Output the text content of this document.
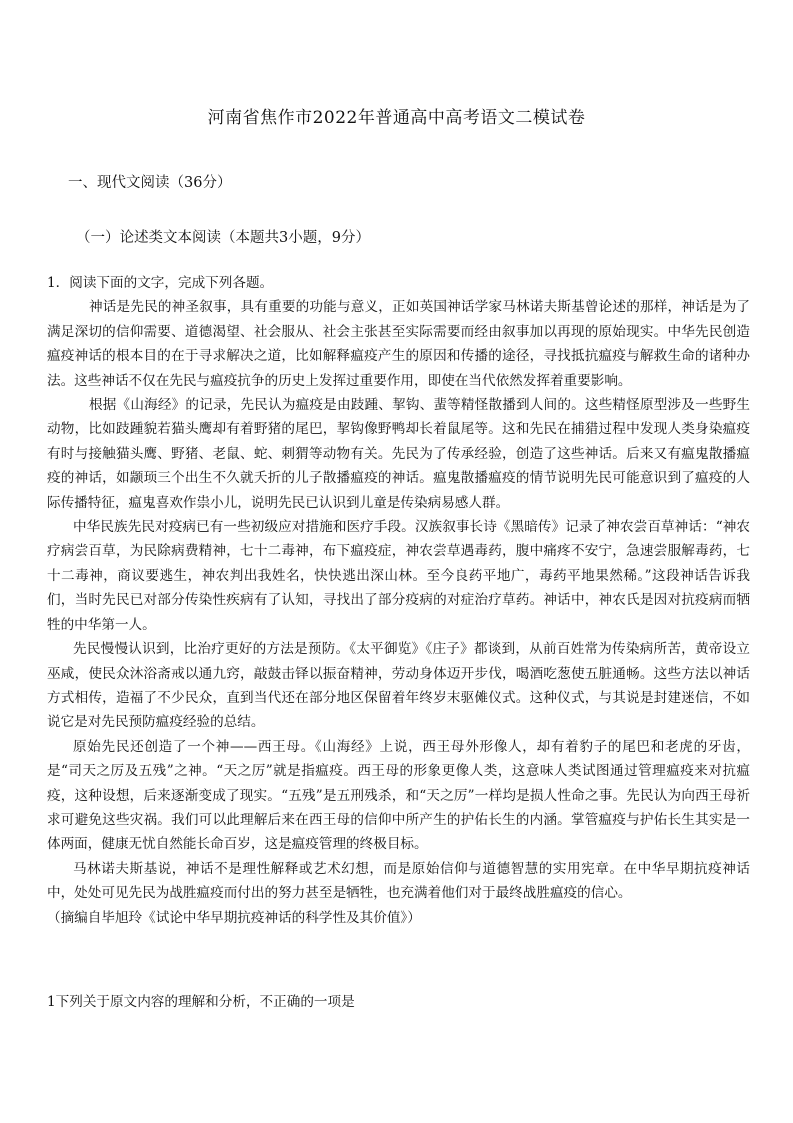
河南省焦作市2022年普通高中高考语文二模试卷
一、现代文阅读（36分）
（一）论述类文本阅读（本题共3小题，9分）

1．阅读下面的文字，完成下列各题。

神话是先民的神圣叙事，具有重要的功能与意义，正如英国神话学家马林诺夫斯基曾论述的那样，神话是为了满足深切的信仰需要、道德渴望、社会服从、社会主张甚至实际需要而经由叙事加以再现的原始现实。中华先民创造瘟疫神话的根本目的在于寻求解决之道，比如解释瘟疫产生的原因和传播的途径，寻找抵抗瘟疫与解救生命的诸种办法。这些神话不仅在先民与瘟疫抗争的历史上发挥过重要作用，即使在当代依然发挥着重要影响。

根据《山海经》的记录，先民认为瘟疫是由跂踵、挈钩、蜚等精怪散播到人间的。这些精怪原型涉及一些野生动物，比如跂踵貌若猫头鹰却有着野猪的尾巴，挈钩像野鸭却长着鼠尾等。这和先民在捕猎过程中发现人类身染瘟疫有时与接触猫头鹰、野猪、老鼠、蛇、刺猬等动物有关。先民为了传承经验，创造了这些神话。后来又有瘟鬼散播瘟疫的神话，如颛顼三个出生不久就夭折的儿子散播瘟疫的神话。瘟鬼散播瘟疫的情节说明先民可能意识到了瘟疫的人际传播特征，瘟鬼喜欢作祟小儿，说明先民已认识到儿童是传染病易感人群。

中华民族先民对疫病已有一些初级应对措施和医疗手段。汉族叙事长诗《黑暗传》记录了神农尝百草神话：“神农疗病尝百草，为民除病费精神，七十二毒神，布下瘟疫症，神农尝草遇毒药，腹中痛疼不安宁，急速尝服解毒药，七十二毒神，商议要逃生，神农判出我姓名，快快逃出深山林。至今良药平地广，毒药平地果然稀。”这段神话告诉我们，当时先民已对部分传染性疾病有了认知，寻找出了部分疫病的对症治疗草药。神话中，神农氏是因对抗疫病而牺牲的中华第一人。

先民慢慢认识到，比治疗更好的方法是预防。《太平御览》《庄子》都谈到，从前百姓常为传染病所苦，黄帝设立巫咸，使民众沐浴斋戒以通九窍，敲鼓击铎以振奋精神，劳动身体迈开步伐，喝酒吃葱使五脏通畅。这些方法以神话方式相传，造福了不少民众，直到当代还在部分地区保留着年终岁末驱傩仪式。这种仪式，与其说是封建迷信，不如说它是对先民预防瘟疫经验的总结。

原始先民还创造了一个神——西王母。《山海经》上说，西王母外形像人，却有着豹子的尾巴和老虎的牙齿，是“司天之厉及五残”之神。“天之厉”就是指瘟疫。西王母的形象更像人类，这意味人类试图通过管理瘟疫来对抗瘟疫，这种设想，后来逐渐变成了现实。“五残”是五刑残杀，和“天之厉”一样均是损人性命之事。先民认为向西王母祈求可避免这些灾祸。我们可以此理解后来在西王母的信仰中所产生的护佑长生的内涵。掌管瘟疫与护佑长生其实是一体两面，健康无忧自然能长命百岁，这是瘟疫管理的终极目标。

马林诺夫斯基说，神话不是理性解释或艺术幻想，而是原始信仰与道德智慧的实用宪章。在中华早期抗疫神话中，处处可见先民为战胜瘟疫而付出的努力甚至是牺牲，也充满着他们对于最终战胜瘟疫的信心。

（摘编自毕旭玲《试论中华早期抗疫神话的科学性及其价值》）

1下列关于原文内容的理解和分析，不正确的一项是
